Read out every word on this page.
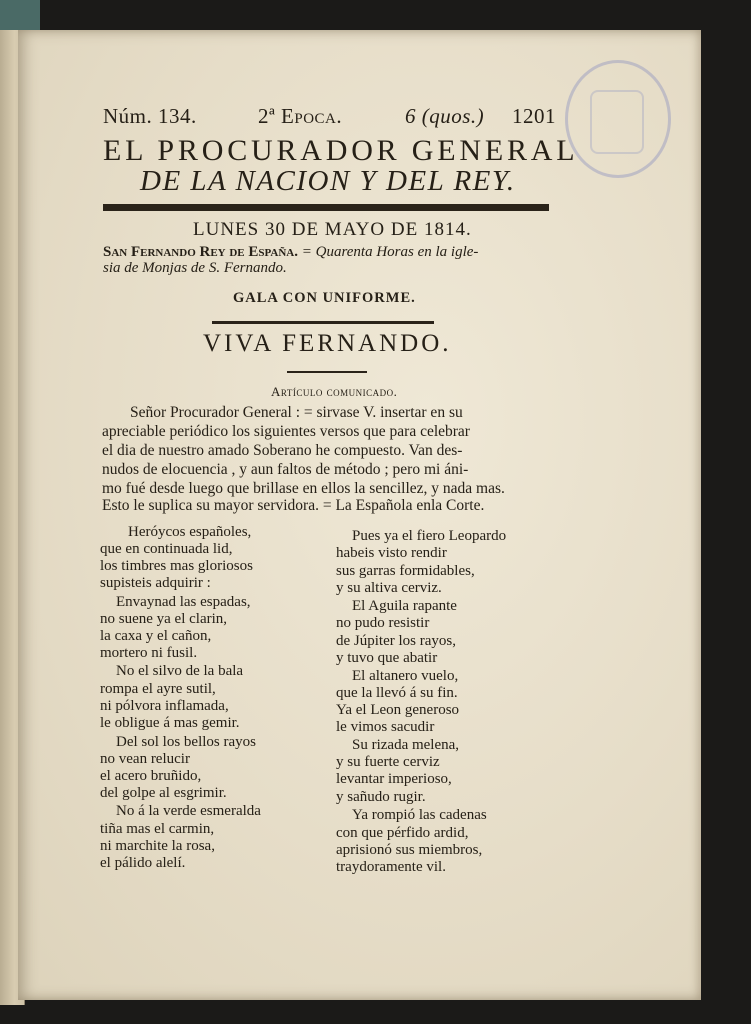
Núm. 134.	2ª Epoca.	6 (quos.) 1201
EL PROCURADOR GENERAL
DE LA NACION Y DEL REY.
LUNES 30 DE MAYO DE 1814.
San Fernando Rey de España. = Quarenta Horas en la igle-
sia de Monjas de S. Fernando.
GALA CON UNIFORME.
VIVA FERNANDO.
Artículo comunicado.
Señor Procurador General : = sirvase V. insertar en su
apreciable periódico los siguientes versos que para celebrar
el dia de nuestro amado Soberano he compuesto. Van des-
nudos de elocuencia , y aun faltos de método ; pero mi áni-
mo fué desde luego que brillase en ellos la sencillez, y nada mas.
Esto le suplica su mayor servidora. = La Española enla Corte.
Heróycos españoles,
que en continuada lid,
los timbres mas gloriosos
supisteis adquirir :
Envaynad las espadas,
no suene ya el clarin,
la caxa y el cañon,
mortero ni fusil.
No el silvo de la bala
rompa el ayre sutil,
ni pólvora inflamada,
le obligue á mas gemir.
Del sol los bellos rayos
no vean relucir
el acero bruñido,
del golpe al esgrimir.
No á la verde esmeralda
tiña mas el carmin,
ni marchite la rosa,
el pálido alelí.
Pues ya el fiero Leopardo
habeis visto rendir
sus garras formidables,
y su altiva cerviz.
El Aguila rapante
no pudo resistir
de Júpiter los rayos,
y tuvo que abatir
El altanero vuelo,
que la llevó á su fin.
Ya el Leon generoso
le vimos sacudir
Su rizada melena,
y su fuerte cerviz
levantar imperioso,
y sañudo rugir.
Ya rompió las cadenas
con que pérfido ardid,
aprisionó sus miembros,
traydoramente vil.
